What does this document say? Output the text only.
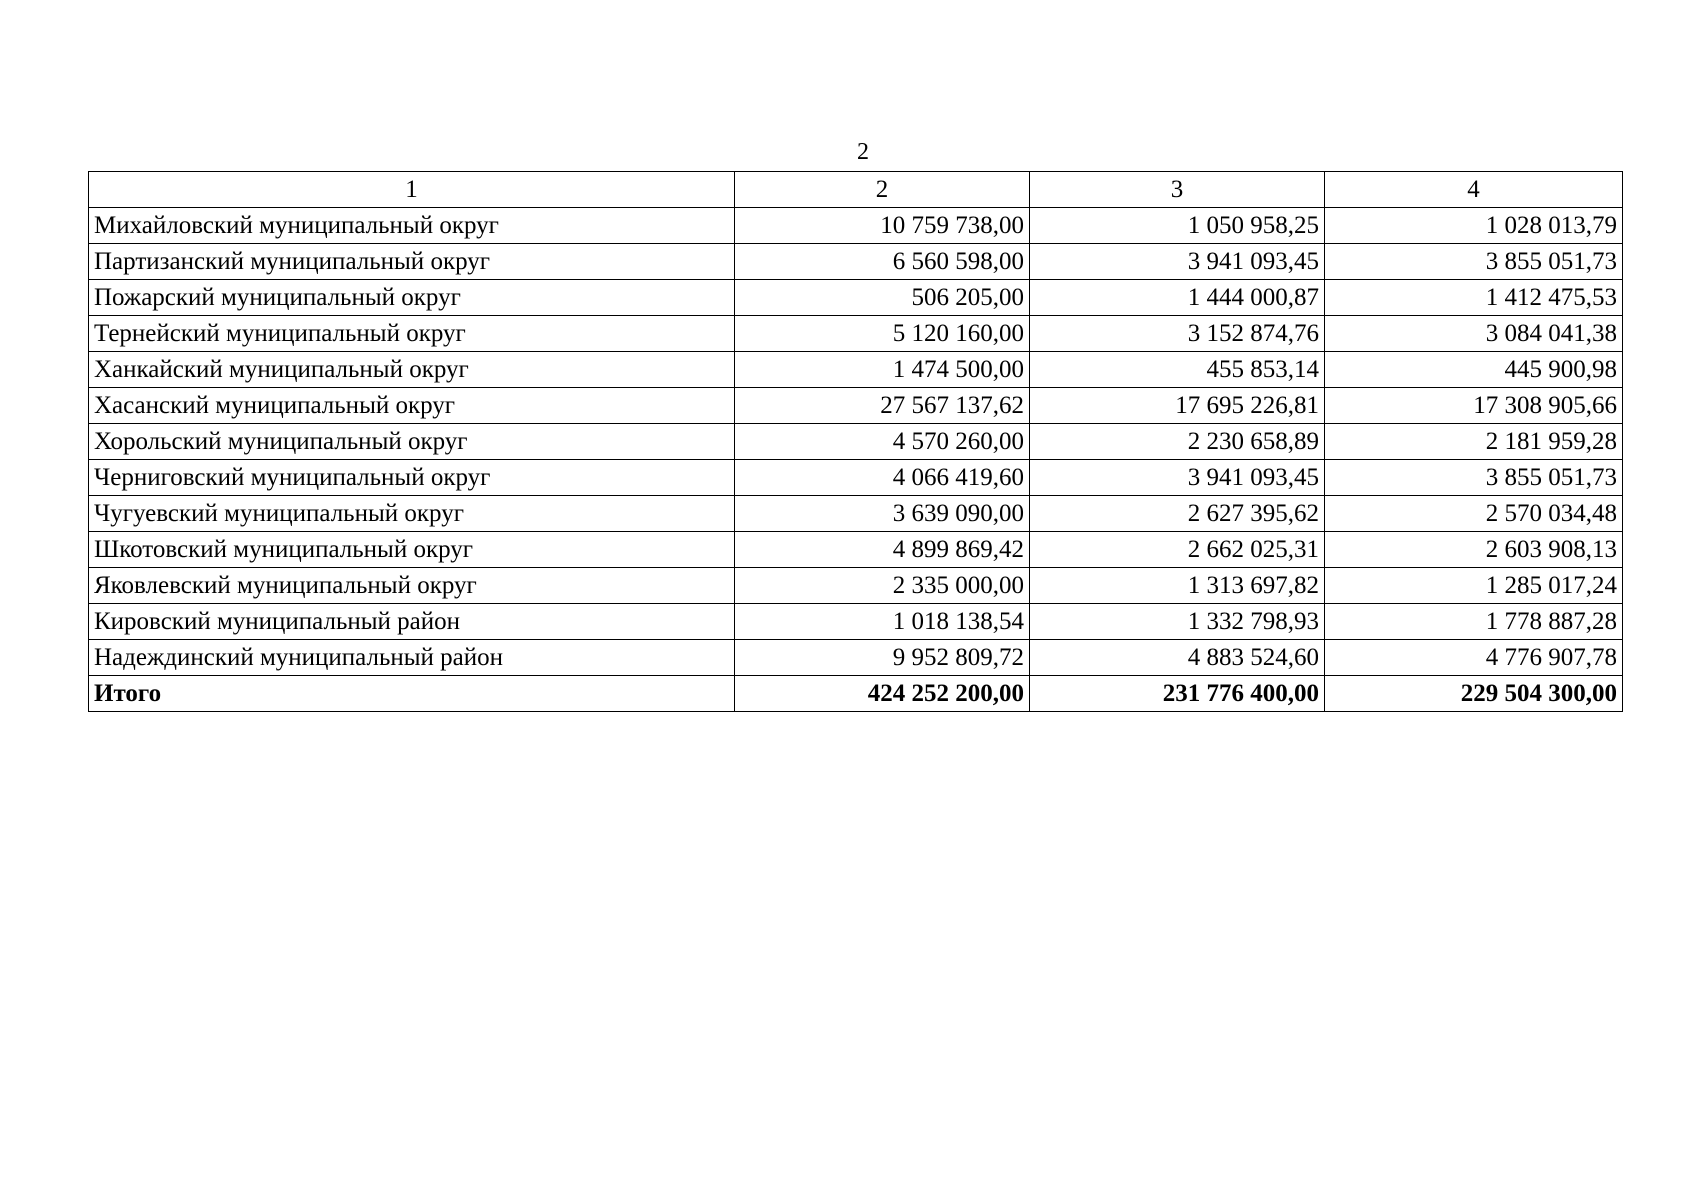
2
1	2	3	4
Михайловский муниципальный округ	10 759 738,00	1 050 958,25	1 028 013,79
Партизанский муниципальный округ	6 560 598,00	3 941 093,45	3 855 051,73
Пожарский муниципальный округ	506 205,00	1 444 000,87	1 412 475,53
Тернейский муниципальный округ	5 120 160,00	3 152 874,76	3 084 041,38
Ханкайский муниципальный округ	1 474 500,00	455 853,14	445 900,98
Хасанский муниципальный округ	27 567 137,62	17 695 226,81	17 308 905,66
Хорольский муниципальный округ	4 570 260,00	2 230 658,89	2 181 959,28
Черниговский муниципальный округ	4 066 419,60	3 941 093,45	3 855 051,73
Чугуевский муниципальный округ	3 639 090,00	2 627 395,62	2 570 034,48
Шкотовский муниципальный округ	4 899 869,42	2 662 025,31	2 603 908,13
Яковлевский муниципальный округ	2 335 000,00	1 313 697,82	1 285 017,24
Кировский муниципальный район	1 018 138,54	1 332 798,93	1 778 887,28
Надеждинский муниципальный район	9 952 809,72	4 883 524,60	4 776 907,78
Итого	424 252 200,00	231 776 400,00	229 504 300,00
